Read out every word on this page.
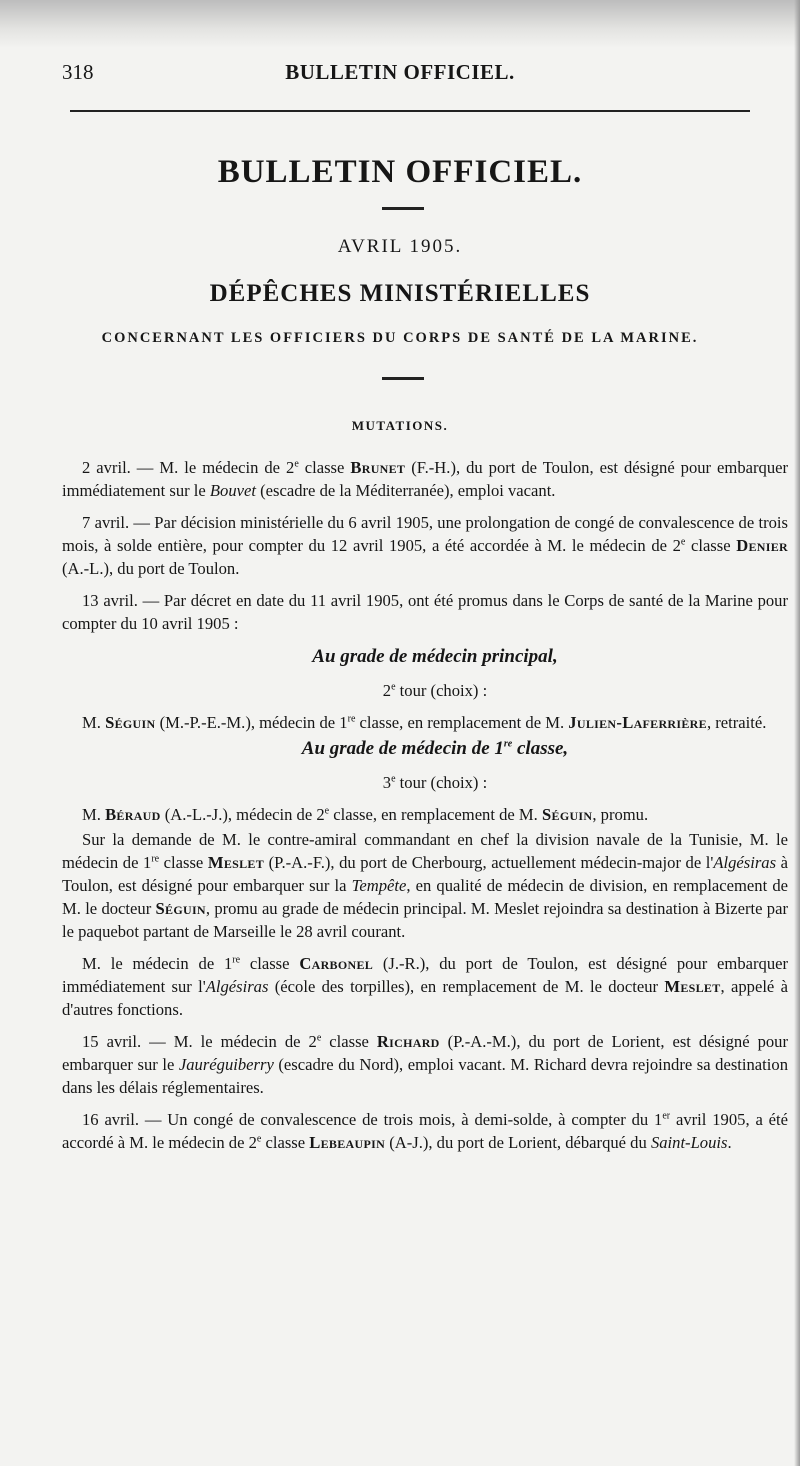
318	BULLETIN OFFICIEL.
BULLETIN OFFICIEL.
AVRIL 1905.
DÉPÊCHES MINISTÉRIELLES
CONCERNANT LES OFFICIERS DU CORPS DE SANTÉ DE LA MARINE.
MUTATIONS.

2 avril. — M. le médecin de 2e classe Brunet (F.-H.), du port de Toulon, est désigné pour embarquer immédiatement sur le Bouvet (escadre de la Méditerranée), emploi vacant.

7 avril. — Par décision ministérielle du 6 avril 1905, une prolongation de congé de convalescence de trois mois, à solde entière, pour compter du 12 avril 1905, a été accordée à M. le médecin de 2e classe Denier (A.-L.), du port de Toulon.

13 avril. — Par décret en date du 11 avril 1905, ont été promus dans le Corps de santé de la Marine pour compter du 10 avril 1905 :

Au grade de médecin principal,

2e tour (choix) :

M. Séguin (M.-P.-E.-M.), médecin de 1re classe, en remplacement de M. Julien-Laferrière, retraité.

Au grade de médecin de 1re classe,

3e tour (choix) :

M. Béraud (A.-L.-J.), médecin de 2e classe, en remplacement de M. Séguin, promu.

Sur la demande de M. le contre-amiral commandant en chef la division navale de la Tunisie, M. le médecin de 1re classe Meslet (P.-A.-F.), du port de Cherbourg, actuellement médecin-major de l'Algésiras à Toulon, est désigné pour embarquer sur la Tempête, en qualité de médecin de division, en remplacement de M. le docteur Séguin, promu au grade de médecin principal. M. Meslet rejoindra sa destination à Bizerte par le paquebot partant de Marseille le 28 avril courant.

M. le médecin de 1re classe Carbonel (J.-R.), du port de Toulon, est désigné pour embarquer immédiatement sur l'Algésiras (école des torpilles), en remplacement de M. le docteur Meslet, appelé à d'autres fonctions.

15 avril. — M. le médecin de 2e classe Richard (P.-A.-M.), du port de Lorient, est désigné pour embarquer sur le Jauréguiberry (escadre du Nord), emploi vacant. M. Richard devra rejoindre sa destination dans les délais réglementaires.

16 avril. — Un congé de convalescence de trois mois, à demi-solde, à compter du 1er avril 1905, a été accordé à M. le médecin de 2e classe Lebeaupin (A-J.), du port de Lorient, débarqué du Saint-Louis.
